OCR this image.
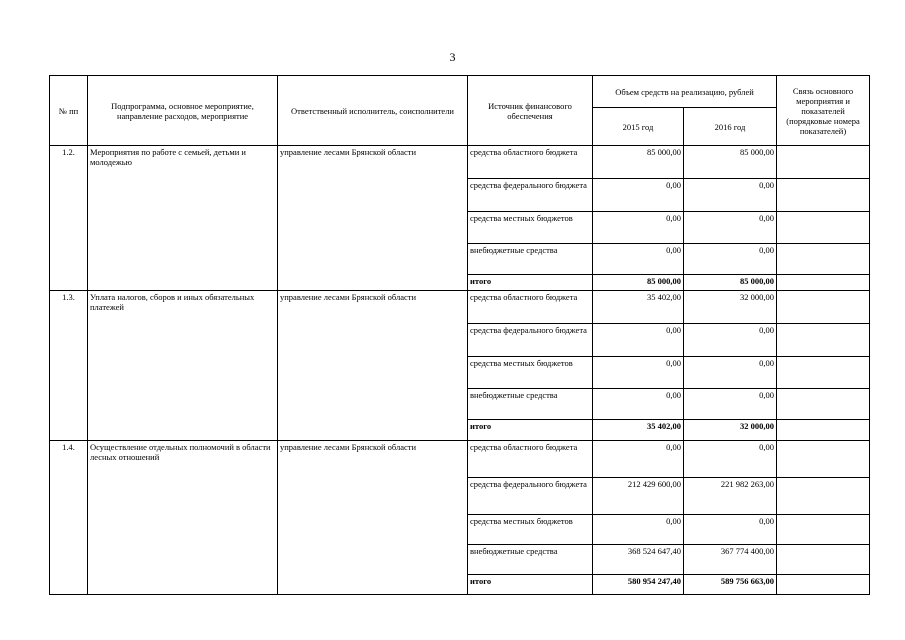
3
№ пп	Подпрограмма, основное мероприятие, направление расходов, мероприятие	Ответственный исполнитель, соисполнители	Источник финансового обеспечения	Объем средств на реализацию, рублей		Связь основного мероприятия и показателей (порядковые номера показателей)
				2015 год	2016 год	
1.2.	Мероприятия по работе с семьей, детьми и молодежью	управление лесами Брянской области	средства областного бюджета	85 000,00	85 000,00	
			средства федерального бюджета	0,00	0,00	
			средства местных бюджетов	0,00	0,00	
			внебюджетные средства	0,00	0,00	
			итого	85 000,00	85 000,00	
1.3.	Уплата налогов, сборов и иных обязательных платежей	управление лесами Брянской области	средства областного бюджета	35 402,00	32 000,00	
			средства федерального бюджета	0,00	0,00	
			средства местных бюджетов	0,00	0,00	
			внебюджетные средства	0,00	0,00	
			итого	35 402,00	32 000,00	
1.4.	Осуществление отдельных полномочий в области лесных отношений	управление лесами Брянской области	средства областного бюджета	0,00	0,00	
			средства федерального бюджета	212 429 600,00	221 982 263,00	
			средства местных бюджетов	0,00	0,00	
			внебюджетные средства	368 524 647,40	367 774 400,00	
			итого	580 954 247,40	589 756 663,00	
